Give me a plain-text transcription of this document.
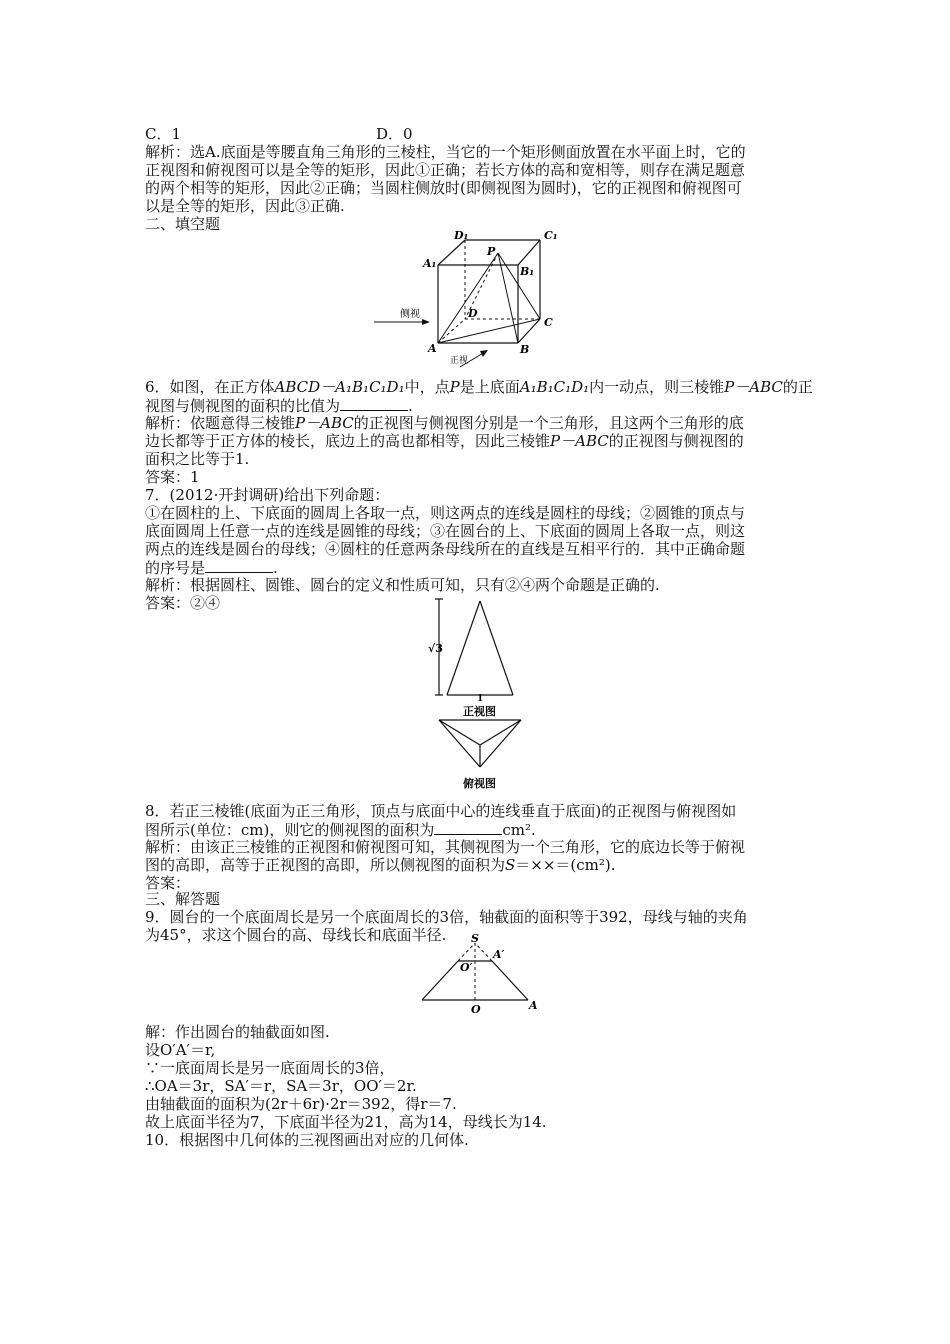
C．1　　　　　　　　　　　　　D．0
解析：选A.底面是等腰直角三角形的三棱柱，当它的一个矩形侧面放置在水平面上时，它的
正视图和俯视图可以是全等的矩形，因此①正确；若长方体的高和宽相等，则存在满足题意
的两个相等的矩形，因此②正确；当圆柱侧放时(即侧视图为圆时)，它的正视图和俯视图可
以是全等的矩形，因此③正确.
二、填空题
D₁	C₁
A₁
P
B₁
D
C
A	B
侧视
正视
6．如图，在正方体ABCD－A₁B₁C₁D₁中，点P是上底面A₁B₁C₁D₁内一动点，则三棱锥P－ABC的正
视图与侧视图的面积的比值为	.
解析：依题意得三棱锥P－ABC的正视图与侧视图分别是一个三角形，且这两个三角形的底
边长都等于正方体的棱长，底边上的高也都相等，因此三棱锥P－ABC的正视图与侧视图的
面积之比等于1.
答案：1
7．(2012·开封调研)给出下列命题：
①在圆柱的上、下底面的圆周上各取一点，则这两点的连线是圆柱的母线；②圆锥的顶点与
底面圆周上任意一点的连线是圆锥的母线；③在圆台的上、下底面的圆周上各取一点，则这
两点的连线是圆台的母线；④圆柱的任意两条母线所在的直线是互相平行的．其中正确命题
的序号是	.
解析：根据圆柱、圆锥、圆台的定义和性质可知，只有②④两个命题是正确的.
答案：②④
√3
1
正视图
俯视图
8．若正三棱锥(底面为正三角形，顶点与底面中心的连线垂直于底面)的正视图与俯视图如
图所示(单位：cm)，则它的侧视图的面积为	cm².
解析：由该正三棱锥的正视图和俯视图可知，其侧视图为一个三角形，它的底边长等于俯视
图的高即，高等于正视图的高即，所以侧视图的面积为S＝××＝(cm²).
答案：
三、解答题
9．圆台的一个底面周长是另一个底面周长的3倍，轴截面的面积等于392，母线与轴的夹角
为45°，求这个圆台的高、母线长和底面半径. S
A′
O′
O	A
解：作出圆台的轴截面如图.
设O′A′＝r,
∵一底面周长是另一底面周长的3倍，
∴OA＝3r，SA′＝r，SA＝3r，OO′＝2r.
由轴截面的面积为(2r＋6r)·2r＝392，得r＝7.
故上底面半径为7，下底面半径为21，高为14，母线长为14.
10．根据图中几何体的三视图画出对应的几何体.
